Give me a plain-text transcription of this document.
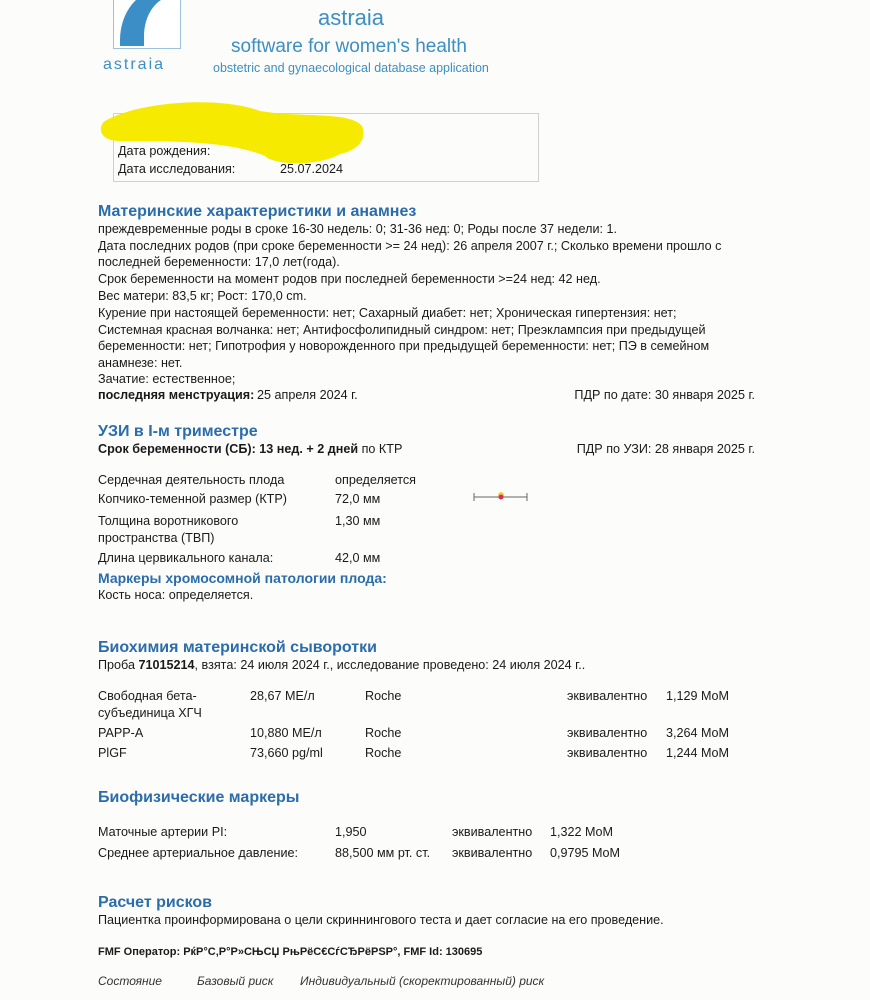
astraia
astraia
software for women's health
obstetric and gynaecological database application
Дата рождения:
Дата исследования:	25.07.2024
Материнские характеристики и анамнез
преждевременные роды в сроке 16-30 недель: 0; 31-36 нед: 0; Роды после 37 недели: 1.
Дата последних родов (при сроке беременности >= 24 нед): 26 апреля 2007 г.; Сколько времени прошло с
последней беременности: 17,0 лет(года).
Срок беременности на момент родов при последней беременности >=24 нед: 42 нед.
Вес матери: 83,5 кг; Рост: 170,0 cm.
Курение при настоящей беременности: нет; Сахарный диабет: нет; Хроническая гипертензия: нет;
Системная красная волчанка: нет; Антифосфолипидный синдром: нет; Преэклампсия при предыдущей
беременности: нет; Гипотрофия у новорожденного при предыдущей беременности: нет; ПЭ в семейном
анамнезе: нет.
Зачатие: естественное;
последняя менструация: 25 апреля 2024 г.	ПДР по дате: 30 января 2025 г.
УЗИ в I-м триместре
Срок беременности (СБ): 13 нед. + 2 дней по КТР	ПДР по УЗИ: 28 января 2025 г.
Сердечная деятельность плода	определяется
Копчико-теменной размер (КТР)	72,0 мм
Толщина воротникового
пространства (ТВП)
1,30 мм
Длина цервикального канала:	42,0 мм
Маркеры хромосомной патологии плода:
Кость носа: определяется.
Биохимия материнской сыворотки
Проба 71015214, взята: 24 июля 2024 г., исследование проведено: 24 июля 2024 г..
Свободная бета-
субъединица ХГЧ
28,67 МЕ/л	Roche	эквивалентно 1,129 MoM
PAPP-A	10,880 МЕ/л	Roche	эквивалентно 3,264 MoM
PlGF	73,660 pg/ml	Roche	эквивалентно 1,244 MoM
Биофизические маркеры
Маточные артерии PI:	1,950	эквивалентно 1,322 MoM
Среднее артериальное давление:	88,500 мм рт. ст. эквивалентно 0,9795 MoM
Расчет рисков
Пациентка проинформирована о цели скриннингового теста и дает согласие на его проведение.
FMF Оператор: РќР°С‚Р°Р»СЊСЏ РњРёС€СѓСЂРёРЅР°, FMF Id: 130695
Состояние	Базовый риск Индивидуальный (скоректированный) риск
